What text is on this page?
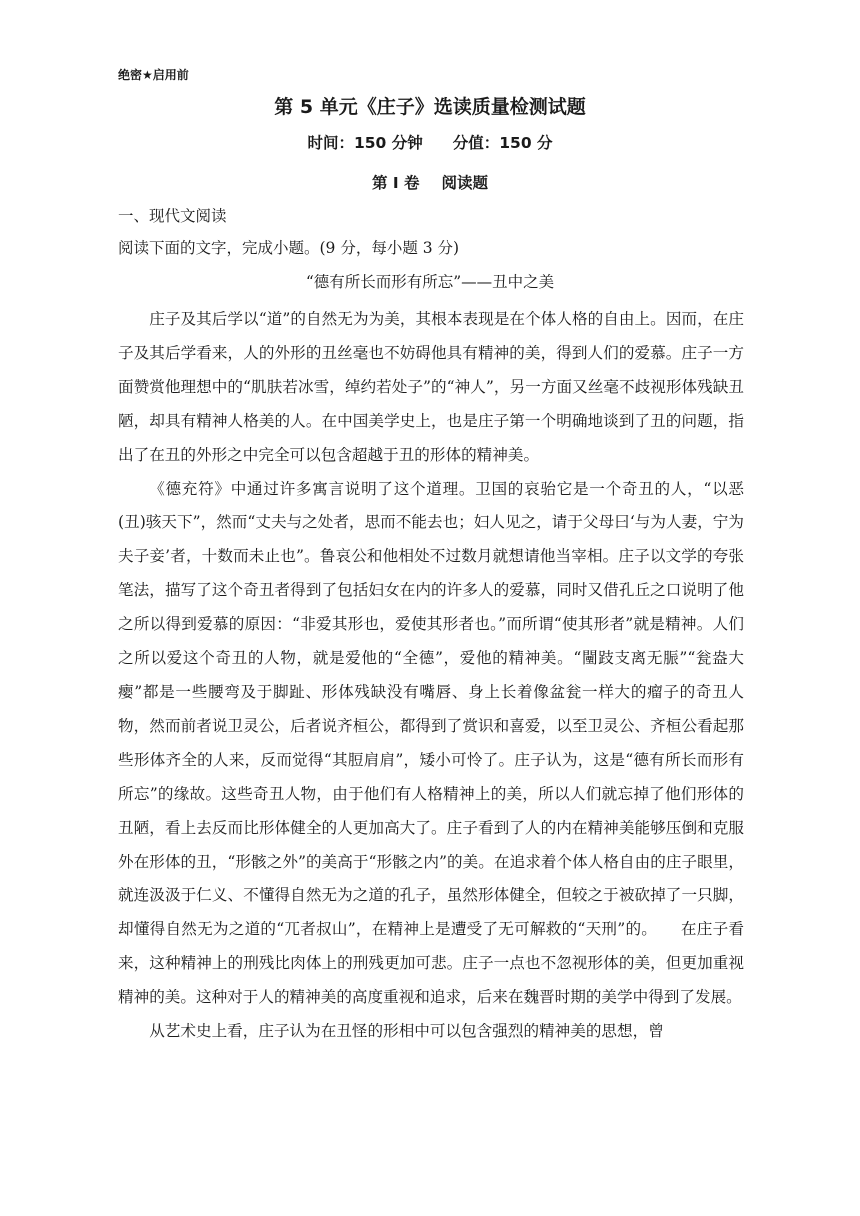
绝密★启用前
第 5 单元《庄子》选读质量检测试题
时间：150 分钟 分值：150 分
第 I 卷 阅读题
一、现代文阅读
阅读下面的文字，完成小题。(9 分，每小题 3 分)
“德有所长而形有所忘”——丑中之美

庄子及其后学以“道”的自然无为为美，其根本表现是在个体人格的自由上。因而，在庄子及其后学看来，人的外形的丑丝毫也不妨碍他具有精神的美，得到人们的爱慕。庄子一方面赞赏他理想中的“肌肤若冰雪，绰约若处子”的“神人”，另一方面又丝毫不歧视形体残缺丑陋，却具有精神人格美的人。在中国美学史上，也是庄子第一个明确地谈到了丑的问题，指出了在丑的外形之中完全可以包含超越于丑的形体的精神美。

《德充符》中通过许多寓言说明了这个道理。卫国的哀骀它是一个奇丑的人，“以恶(丑)骇天下”，然而“丈夫与之处者，思而不能去也；妇人见之，请于父母曰‘与为人妻，宁为夫子妾’者，十数而未止也”。鲁哀公和他相处不过数月就想请他当宰相。庄子以文学的夸张笔法，描写了这个奇丑者得到了包括妇女在内的许多人的爱慕，同时又借孔丘之口说明了他之所以得到爱慕的原因：“非爱其形也，爱使其形者也。”而所谓“使其形者”就是精神。人们之所以爱这个奇丑的人物，就是爱他的“全德”，爱他的精神美。“闉跂支离无脤”“瓮盎大瘿”都是一些腰弯及于脚趾、形体残缺没有嘴唇、身上长着像盆瓮一样大的瘤子的奇丑人物，然而前者说卫灵公，后者说齐桓公，都得到了赏识和喜爱，以至卫灵公、齐桓公看起那些形体齐全的人来，反而觉得“其脰肩肩”，矮小可怜了。庄子认为，这是“德有所长而形有所忘”的缘故。这些奇丑人物，由于他们有人格精神上的美，所以人们就忘掉了他们形体的丑陋，看上去反而比形体健全的人更加高大了。庄子看到了人的内在精神美能够压倒和克服外在形体的丑，“形骸之外”的美高于“形骸之内”的美。在追求着个体人格自由的庄子眼里，就连汲汲于仁义、不懂得自然无为之道的孔子，虽然形体健全，但较之于被砍掉了一只脚，却懂得自然无为之道的“兀者叔山”，在精神上是遭受了无可解救的“天刑”的。　　在庄子看来，这种精神上的刑残比肉体上的刑残更加可悲。庄子一点也不忽视形体的美，但更加重视精神的美。这种对于人的精神美的高度重视和追求，后来在魏晋时期的美学中得到了发展。

从艺术史上看，庄子认为在丑怪的形相中可以包含强烈的精神美的思想，曾
